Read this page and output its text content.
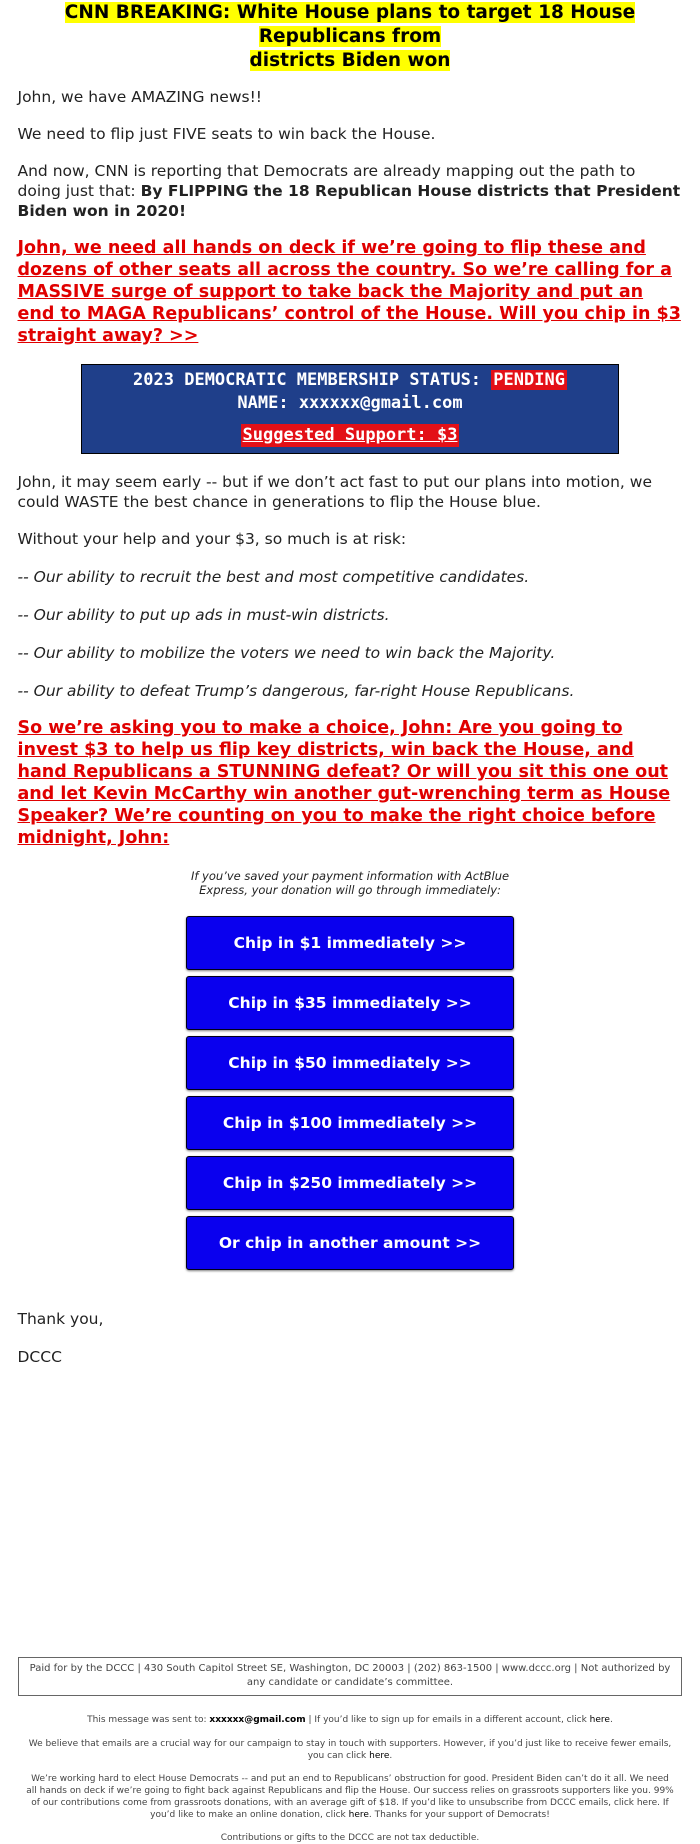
CNN BREAKING: White House plans to target 18 House Republicans from
districts Biden won

John, we have AMAZING news!!

We need to flip just FIVE seats to win back the House.

And now, CNN is reporting that Democrats are already mapping out the path to doing just that: By FLIPPING the 18 Republican House districts that President Biden won in 2020!

John, we need all hands on deck if we’re going to flip these and dozens of other seats all across the country. So we’re calling for a MASSIVE surge of support to take back the Majority and put an end to MAGA Republicans’ control of the House. Will you chip in $3 straight away? >>

2023 DEMOCRATIC MEMBERSHIP STATUS: PENDING
NAME: xxxxxx@gmail.com
Suggested Support: $3

John, it may seem early -- but if we don’t act fast to put our plans into motion, we could WASTE the best chance in generations to flip the House blue.

Without your help and your $3, so much is at risk:

-- Our ability to recruit the best and most competitive candidates.

-- Our ability to put up ads in must-win districts.

-- Our ability to mobilize the voters we need to win back the Majority.

-- Our ability to defeat Trump’s dangerous, far-right House Republicans.

So we’re asking you to make a choice, John: Are you going to invest $3 to help us flip key districts, win back the House, and hand Republicans a STUNNING defeat? Or will you sit this one out and let Kevin McCarthy win another gut-wrenching term as House Speaker? We’re counting on you to make the right choice before midnight, John:

If you’ve saved your payment information with ActBlue Express, your donation will go through immediately:

Chip in $1 immediately >>
Chip in $35 immediately >>
Chip in $50 immediately >>
Chip in $100 immediately >>
Chip in $250 immediately >>
Or chip in another amount >>

Thank you,

DCCC

Paid for by the DCCC | 430 South Capitol Street SE, Washington, DC 20003 | (202) 863-1500 | www.dccc.org | Not authorized by any candidate or candidate’s committee.

This message was sent to: xxxxxx@gmail.com | If you’d like to sign up for emails in a different account, click here.

We believe that emails are a crucial way for our campaign to stay in touch with supporters. However, if you’d just like to receive fewer emails, you can click here.

We’re working hard to elect House Democrats -- and put an end to Republicans’ obstruction for good. President Biden can’t do it all. We need all hands on deck if we’re going to fight back against Republicans and flip the House. Our success relies on grassroots supporters like you. 99% of our contributions come from grassroots donations, with an average gift of $18. If you’d like to unsubscribe from DCCC emails, click here. If you’d like to make an online donation, click here. Thanks for your support of Democrats!

Contributions or gifts to the DCCC are not tax deductible.
